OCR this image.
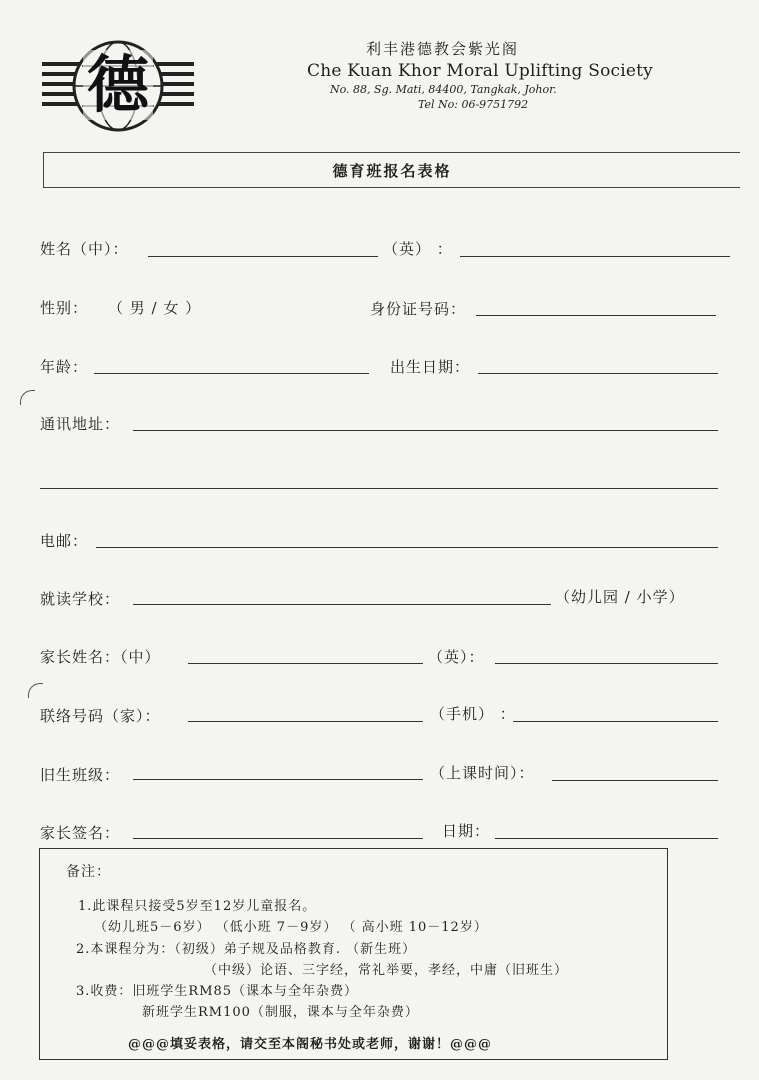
德	利丰港德教会紫光阁
Che Kuan Khor Moral Uplifting Society
No. 88, Sg. Mati, 84400, Tangkak, Johor.
Tel No: 06-9751792
德育班报名表格
姓名（中）：	（英） ：
性别： （ 男 / 女 ）	身份证号码：
年龄：	出生日期：
通讯地址：
电邮：
就读学校：	（幼儿园 / 小学）
家长姓名：（中）	（英）：
联络号码（家）：	（手机） ：
旧生班级：	（上课时间）：
家长签名：	日期：
备注：
1.此课程只接受5岁至12岁儿童报名。
（幼儿班5－6岁） （低小班 7－9岁） （ 高小班 10－12岁）
2.本课程分为：（初级）弟子规及品格教育. （新生班）
（中级）论语、三字经，常礼举要，孝经，中庸（旧班生）
3.收费：旧班学生RM85（课本与全年杂费）
新班学生RM100（制服，课本与全年杂费）
@@@填妥表格，请交至本阁秘书处或老师，谢谢！@@@
